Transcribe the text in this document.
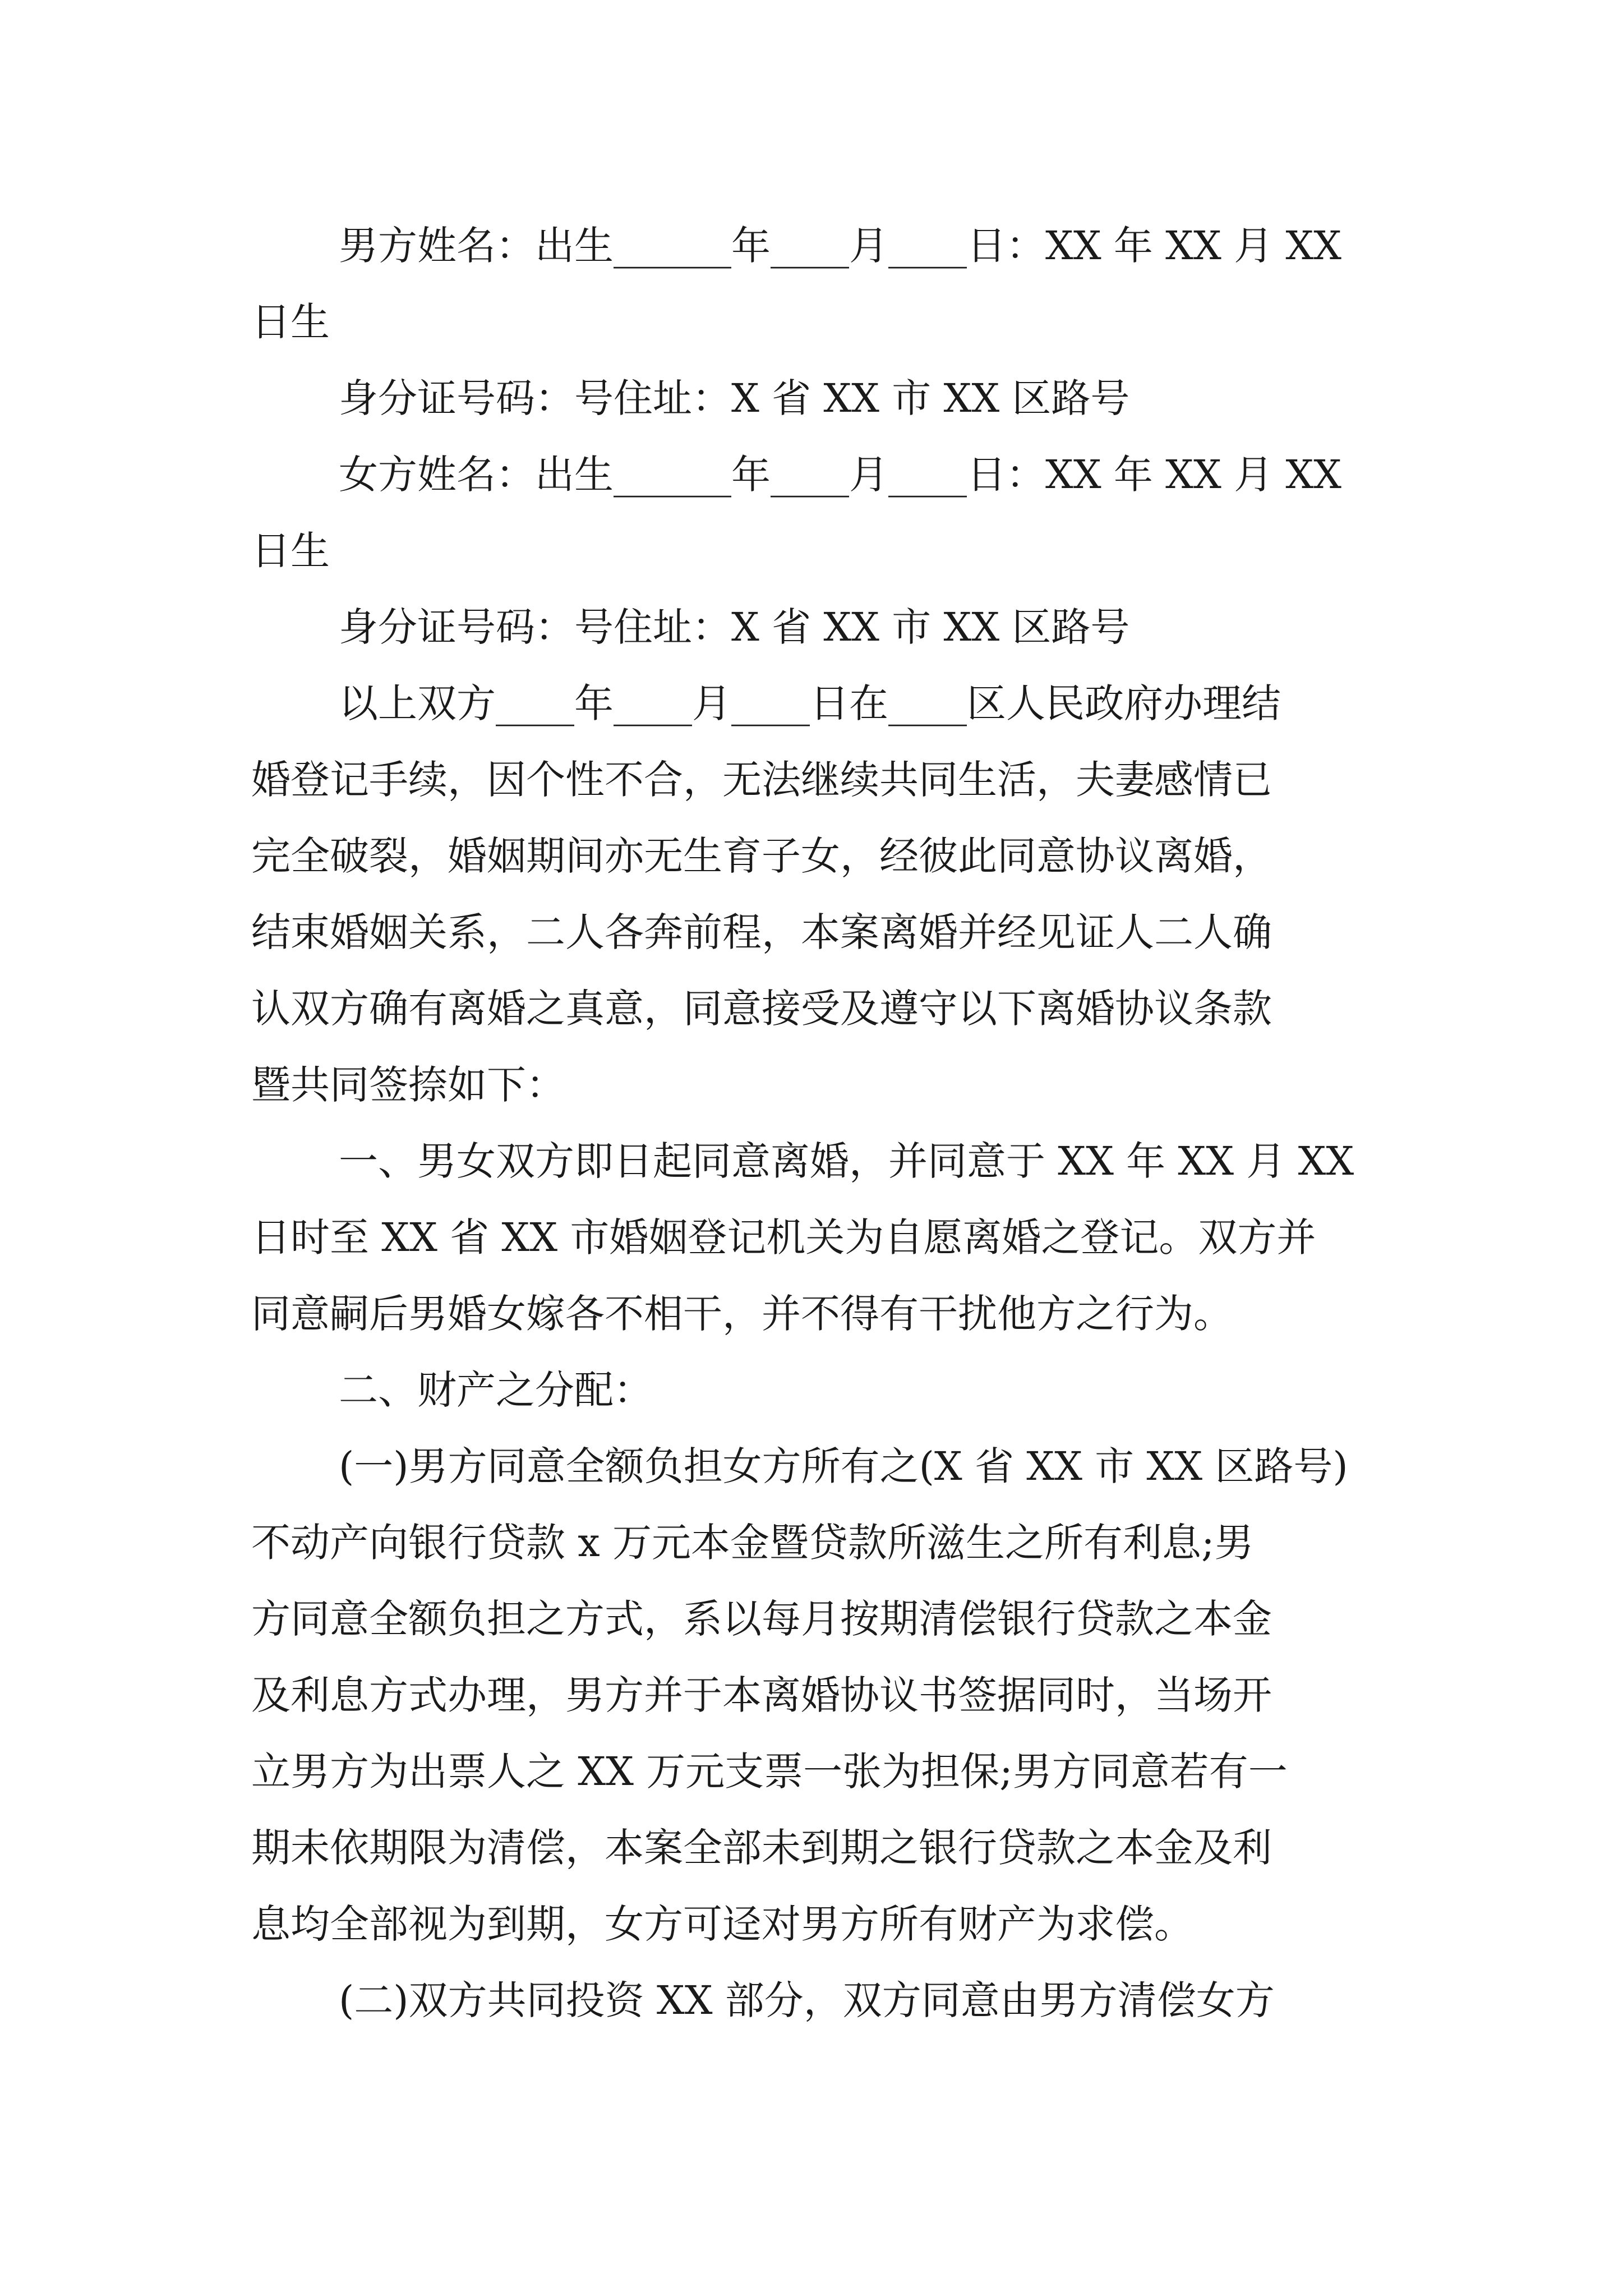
男方姓名：出生______年____月____日：XX 年 XX 月 XX
日生

身分证号码：号住址：X 省 XX 市 XX 区路号

女方姓名：出生______年____月____日：XX 年 XX 月 XX
日生

身分证号码：号住址：X 省 XX 市 XX 区路号

以上双方____年____月____日在____区人民政府办理结
婚登记手续，因个性不合，无法继续共同生活，夫妻感情已
完全破裂，婚姻期间亦无生育子女，经彼此同意协议离婚，
结束婚姻关系，二人各奔前程，本案离婚并经见证人二人确
认双方确有离婚之真意，同意接受及遵守以下离婚协议条款
暨共同签捺如下：

一、男女双方即日起同意离婚，并同意于 XX 年 XX 月 XX
日时至 XX 省 XX 市婚姻登记机关为自愿离婚之登记。双方并
同意嗣后男婚女嫁各不相干，并不得有干扰他方之行为。

二、财产之分配：

(一)男方同意全额负担女方所有之(X 省 XX 市 XX 区路号)
不动产向银行贷款 x 万元本金暨贷款所滋生之所有利息;男
方同意全额负担之方式，系以每月按期清偿银行贷款之本金
及利息方式办理，男方并于本离婚协议书签据同时，当场开
立男方为出票人之 XX 万元支票一张为担保;男方同意若有一
期未依期限为清偿，本案全部未到期之银行贷款之本金及利
息均全部视为到期，女方可迳对男方所有财产为求偿。

(二)双方共同投资 XX 部分，双方同意由男方清偿女方
